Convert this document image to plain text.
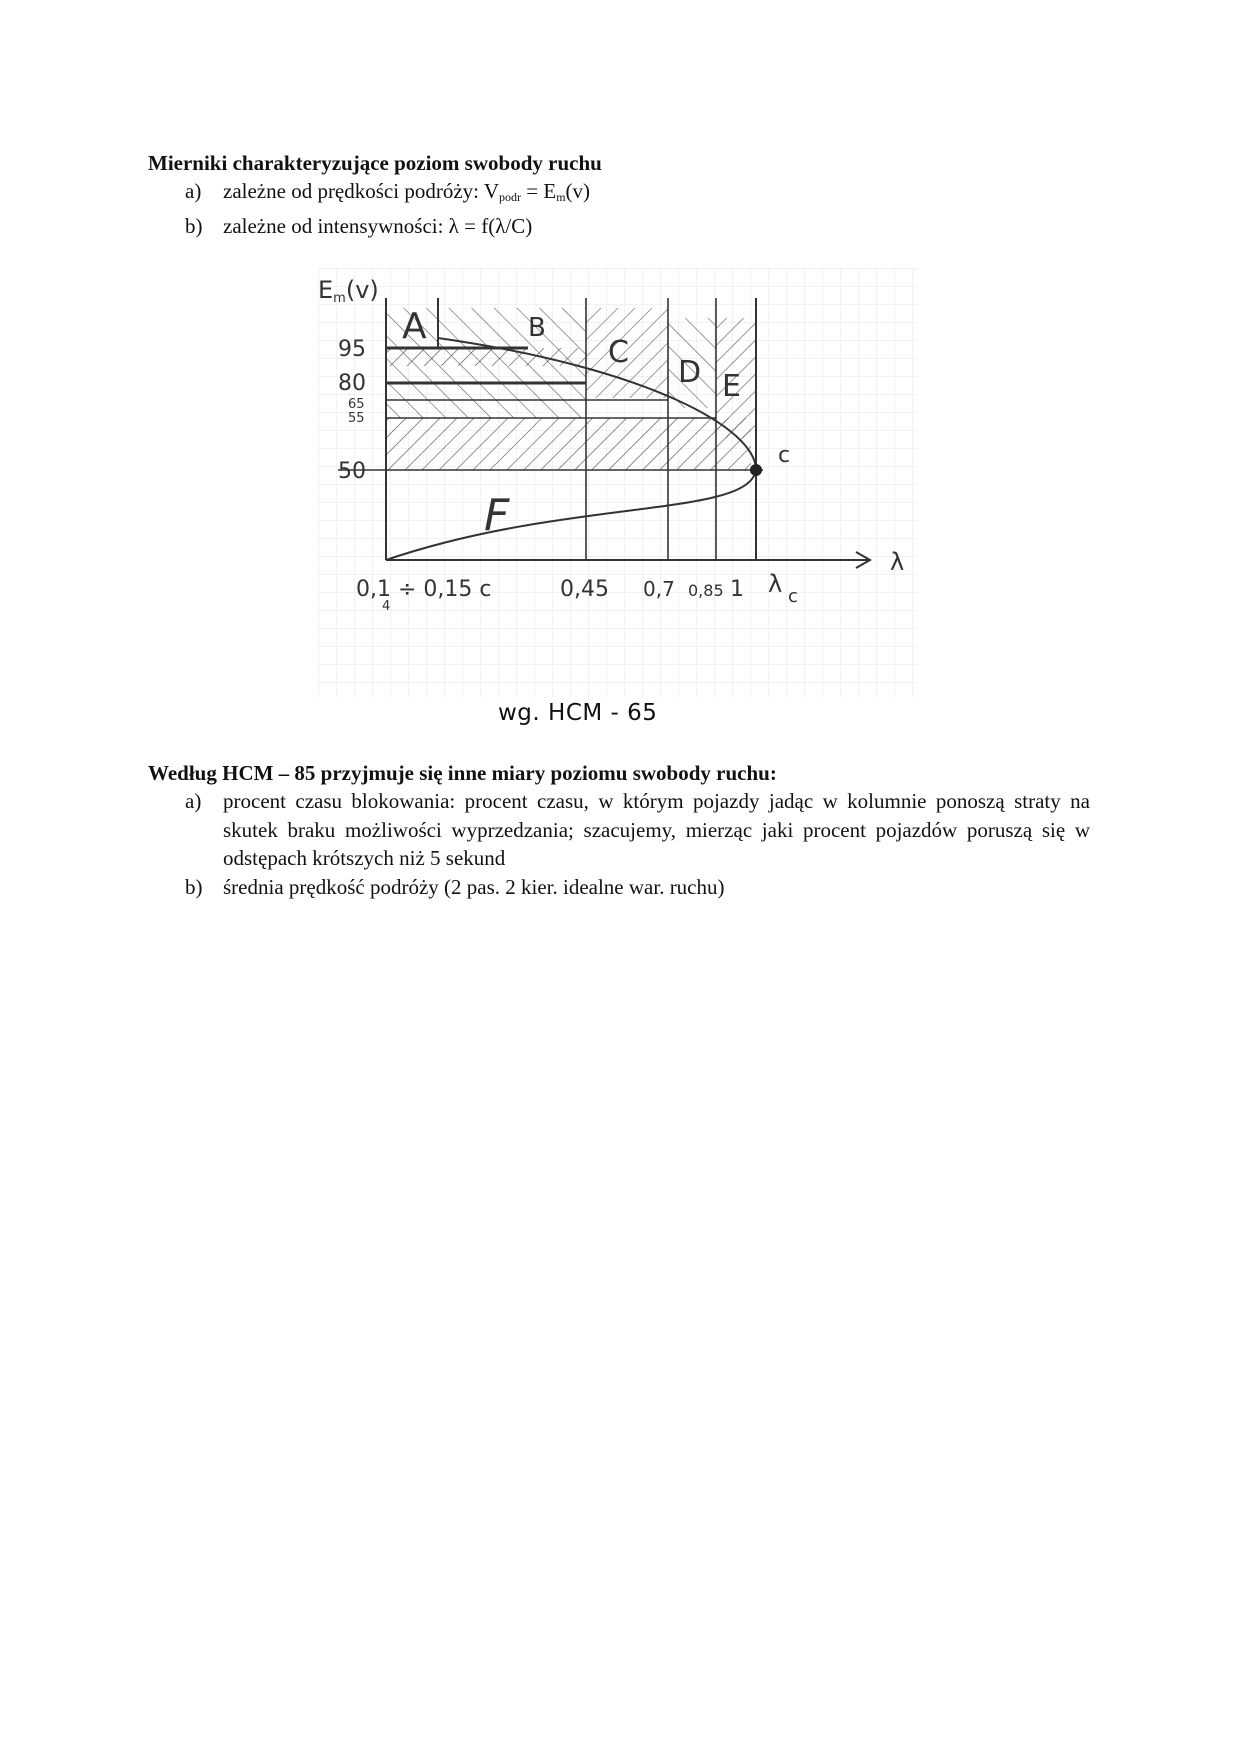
Mierniki charakteryzujące poziom swobody ruchu

a) zależne od prędkości podróży: $V_{podr} = E_m(v)$
b) zależne od intensywności: λ = f(λ/C)
Em(v)
λ
95
80
65
55
50
0,1
4
÷ 0,15 c	0,45 0,7 0,85 1 λ c
A	B
C
D E
F
c
wg. HCM - 65

Według HCM – 85 przyjmuje się inne miary poziomu swobody ruchu:

a) procent czasu blokowania: procent czasu, w którym pojazdy jadąc w kolumnie ponoszą straty na skutek braku możliwości wyprzedzania; szacujemy, mierząc jaki procent pojazdów poruszą się w odstępach krótszych niż 5 sekund
b) średnia prędkość podróży (2 pas. 2 kier. idealne war. ruchu)
